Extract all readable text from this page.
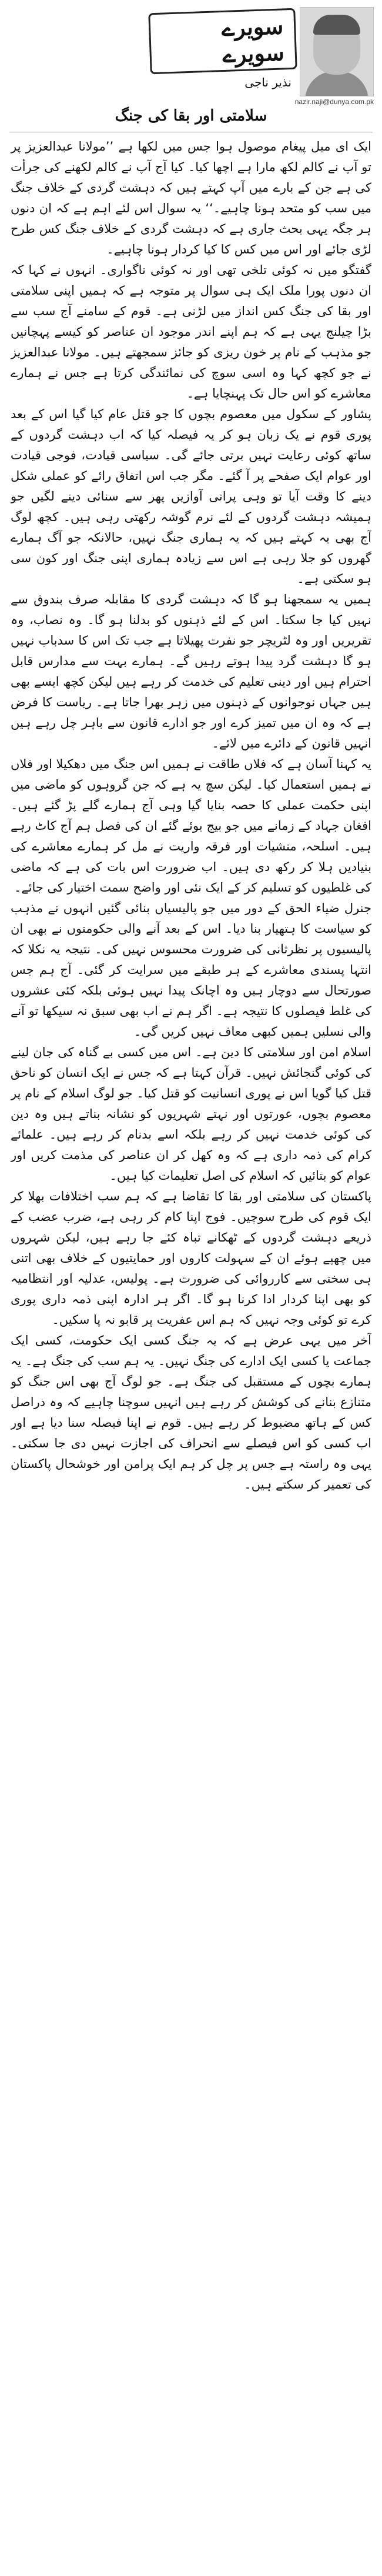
سویرے سویرے
نذیر ناجی
nazir.naji@dunya.com.pk
سلامتی اور بقا کی جنگ

ایک ای میل پیغام موصول ہوا جس میں لکھا ہے ’’مولانا عبدالعزیز پر تو آپ نے کالم لکھ مارا ہے اچھا کیا۔ کیا آج آپ نے کالم لکھنے کی جرأت کی ہے جن کے بارے میں آپ کہتے ہیں کہ دہشت گردی کے خلاف جنگ میں سب کو متحد ہونا چاہیے۔‘‘ یہ سوال اس لئے اہم ہے کہ ان دنوں ہر جگہ یہی بحث جاری ہے کہ دہشت گردی کے خلاف جنگ کس طرح لڑی جائے اور اس میں کس کا کیا کردار ہونا چاہیے۔

گفتگو میں نہ کوئی تلخی تھی اور نہ کوئی ناگواری۔ انہوں نے کہا کہ ان دنوں پورا ملک ایک ہی سوال پر متوجہ ہے کہ ہمیں اپنی سلامتی اور بقا کی جنگ کس انداز میں لڑنی ہے۔ قوم کے سامنے آج سب سے بڑا چیلنج یہی ہے کہ ہم اپنے اندر موجود ان عناصر کو کیسے پہچانیں جو مذہب کے نام پر خون ریزی کو جائز سمجھتے ہیں۔ مولانا عبدالعزیز نے جو کچھ کہا وہ اسی سوچ کی نمائندگی کرتا ہے جس نے ہمارے معاشرے کو اس حال تک پہنچایا ہے۔

پشاور کے سکول میں معصوم بچوں کا جو قتل عام کیا گیا اس کے بعد پوری قوم نے یک زبان ہو کر یہ فیصلہ کیا کہ اب دہشت گردوں کے ساتھ کوئی رعایت نہیں برتی جائے گی۔ سیاسی قیادت، فوجی قیادت اور عوام ایک صفحے پر آ گئے۔ مگر جب اس اتفاق رائے کو عملی شکل دینے کا وقت آیا تو وہی پرانی آوازیں پھر سے سنائی دینے لگیں جو ہمیشہ دہشت گردوں کے لئے نرم گوشہ رکھتی رہی ہیں۔ کچھ لوگ آج بھی یہ کہتے ہیں کہ یہ ہماری جنگ نہیں، حالانکہ جو آگ ہمارے گھروں کو جلا رہی ہے اس سے زیادہ ہماری اپنی جنگ اور کون سی ہو سکتی ہے۔

ہمیں یہ سمجھنا ہو گا کہ دہشت گردی کا مقابلہ صرف بندوق سے نہیں کیا جا سکتا۔ اس کے لئے ذہنوں کو بدلنا ہو گا۔ وہ نصاب، وہ تقریریں اور وہ لٹریچر جو نفرت پھیلاتا ہے جب تک اس کا سدباب نہیں ہو گا دہشت گرد پیدا ہوتے رہیں گے۔ ہمارے بہت سے مدارس قابل احترام ہیں اور دینی تعلیم کی خدمت کر رہے ہیں لیکن کچھ ایسے بھی ہیں جہاں نوجوانوں کے ذہنوں میں زہر بھرا جاتا ہے۔ ریاست کا فرض ہے کہ وہ ان میں تمیز کرے اور جو ادارے قانون سے باہر چل رہے ہیں انہیں قانون کے دائرے میں لائے۔

یہ کہنا آسان ہے کہ فلاں طاقت نے ہمیں اس جنگ میں دھکیلا اور فلاں نے ہمیں استعمال کیا۔ لیکن سچ یہ ہے کہ جن گروہوں کو ماضی میں اپنی حکمت عملی کا حصہ بنایا گیا وہی آج ہمارے گلے پڑ گئے ہیں۔ افغان جہاد کے زمانے میں جو بیج بوئے گئے ان کی فصل ہم آج کاٹ رہے ہیں۔ اسلحہ، منشیات اور فرقہ واریت نے مل کر ہمارے معاشرے کی بنیادیں ہلا کر رکھ دی ہیں۔ اب ضرورت اس بات کی ہے کہ ماضی کی غلطیوں کو تسلیم کر کے ایک نئی اور واضح سمت اختیار کی جائے۔

جنرل ضیاء الحق کے دور میں جو پالیسیاں بنائی گئیں انہوں نے مذہب کو سیاست کا ہتھیار بنا دیا۔ اس کے بعد آنے والی حکومتوں نے بھی ان پالیسیوں پر نظرثانی کی ضرورت محسوس نہیں کی۔ نتیجہ یہ نکلا کہ انتہا پسندی معاشرے کے ہر طبقے میں سرایت کر گئی۔ آج ہم جس صورتحال سے دوچار ہیں وہ اچانک پیدا نہیں ہوئی بلکہ کئی عشروں کی غلط فیصلوں کا نتیجہ ہے۔ اگر ہم نے اب بھی سبق نہ سیکھا تو آنے والی نسلیں ہمیں کبھی معاف نہیں کریں گی۔

اسلام امن اور سلامتی کا دین ہے۔ اس میں کسی بے گناہ کی جان لینے کی کوئی گنجائش نہیں۔ قرآن کہتا ہے کہ جس نے ایک انسان کو ناحق قتل کیا گویا اس نے پوری انسانیت کو قتل کیا۔ جو لوگ اسلام کے نام پر معصوم بچوں، عورتوں اور نہتے شہریوں کو نشانہ بناتے ہیں وہ دین کی کوئی خدمت نہیں کر رہے بلکہ اسے بدنام کر رہے ہیں۔ علمائے کرام کی ذمہ داری ہے کہ وہ کھل کر ان عناصر کی مذمت کریں اور عوام کو بتائیں کہ اسلام کی اصل تعلیمات کیا ہیں۔

پاکستان کی سلامتی اور بقا کا تقاضا ہے کہ ہم سب اختلافات بھلا کر ایک قوم کی طرح سوچیں۔ فوج اپنا کام کر رہی ہے، ضرب عضب کے ذریعے دہشت گردوں کے ٹھکانے تباہ کئے جا رہے ہیں، لیکن شہروں میں چھپے ہوئے ان کے سہولت کاروں اور حمایتیوں کے خلاف بھی اتنی ہی سختی سے کارروائی کی ضرورت ہے۔ پولیس، عدلیہ اور انتظامیہ کو بھی اپنا کردار ادا کرنا ہو گا۔ اگر ہر ادارہ اپنی ذمہ داری پوری کرے تو کوئی وجہ نہیں کہ ہم اس عفریت پر قابو نہ پا سکیں۔

آخر میں یہی عرض ہے کہ یہ جنگ کسی ایک حکومت، کسی ایک جماعت یا کسی ایک ادارے کی جنگ نہیں۔ یہ ہم سب کی جنگ ہے۔ یہ ہمارے بچوں کے مستقبل کی جنگ ہے۔ جو لوگ آج بھی اس جنگ کو متنازع بنانے کی کوشش کر رہے ہیں انہیں سوچنا چاہیے کہ وہ دراصل کس کے ہاتھ مضبوط کر رہے ہیں۔ قوم نے اپنا فیصلہ سنا دیا ہے اور اب کسی کو اس فیصلے سے انحراف کی اجازت نہیں دی جا سکتی۔ یہی وہ راستہ ہے جس پر چل کر ہم ایک پرامن اور خوشحال پاکستان کی تعمیر کر سکتے ہیں۔
